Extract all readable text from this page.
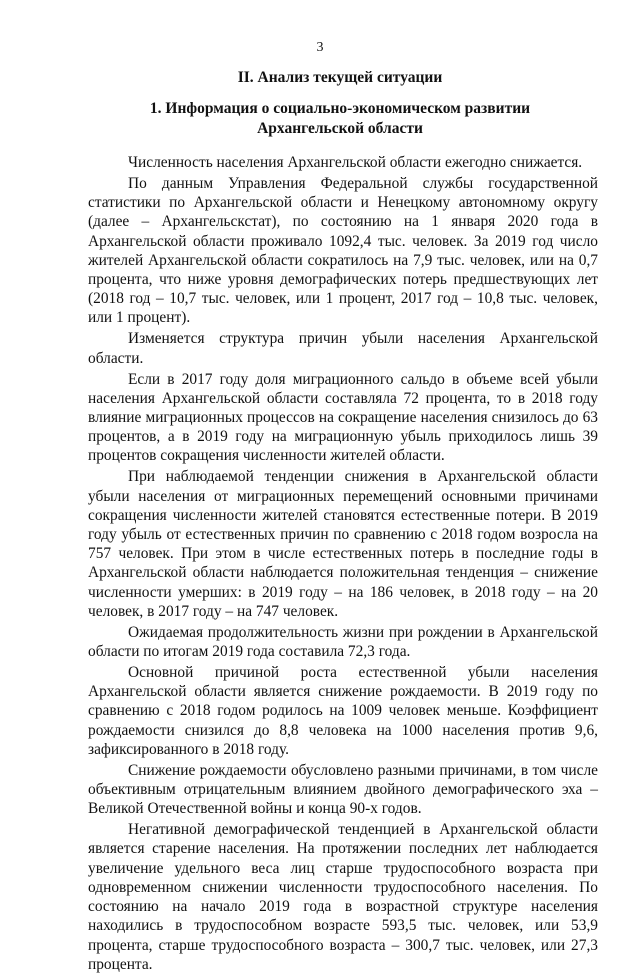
3
II. Анализ текущей ситуации
1. Информация о социально-экономическом развитии
Архангельской области

Численность населения Архангельской области ежегодно снижается.

По данным Управления Федеральной службы государственной статистики по Архангельской области и Ненецкому автономному округу (далее – Архангельскстат), по состоянию на 1 января 2020 года в Архангельской области проживало 1092,4 тыс. человек. За 2019 год число жителей Архангельской области сократилось на 7,9 тыс. человек, или на 0,7 процента, что ниже уровня демографических потерь предшествующих лет (2018 год – 10,7 тыс. человек, или 1 процент, 2017 год – 10,8 тыс. человек, или 1 процент).

Изменяется структура причин убыли населения Архангельской области.

Если в 2017 году доля миграционного сальдо в объеме всей убыли населения Архангельской области составляла 72 процента, то в 2018 году влияние миграционных процессов на сокращение населения снизилось до 63 процентов, а в 2019 году на миграционную убыль приходилось лишь 39 процентов сокращения численности жителей области.

При наблюдаемой тенденции снижения в Архангельской области убыли населения от миграционных перемещений основными причинами сокращения численности жителей становятся естественные потери. В 2019 году убыль от естественных причин по сравнению с 2018 годом возросла на 757 человек. При этом в числе естественных потерь в последние годы в Архангельской области наблюдается положительная тенденция – снижение численности умерших: в 2019 году – на 186 человек, в 2018 году – на 20 человек, в 2017 году – на 747 человек.

Ожидаемая продолжительность жизни при рождении в Архангельской области по итогам 2019 года составила 72,3 года.

Основной причиной роста естественной убыли населения Архангельской области является снижение рождаемости. В 2019 году по сравнению с 2018 годом родилось на 1009 человек меньше. Коэффициент рождаемости снизился до 8,8 человека на 1000 населения против 9,6, зафиксированного в 2018 году.

Снижение рождаемости обусловлено разными причинами, в том числе объективным отрицательным влиянием двойного демографического эха – Великой Отечественной войны и конца 90-х годов.

Негативной демографической тенденцией в Архангельской области является старение населения. На протяжении последних лет наблюдается увеличение удельного веса лиц старше трудоспособного возраста при одновременном снижении численности трудоспособного населения. По состоянию на начало 2019 года в возрастной структуре населения находились в трудоспособном возрасте 593,5 тыс. человек, или 53,9 процента, старше трудоспособного возраста – 300,7 тыс. человек, или 27,3 процента.
